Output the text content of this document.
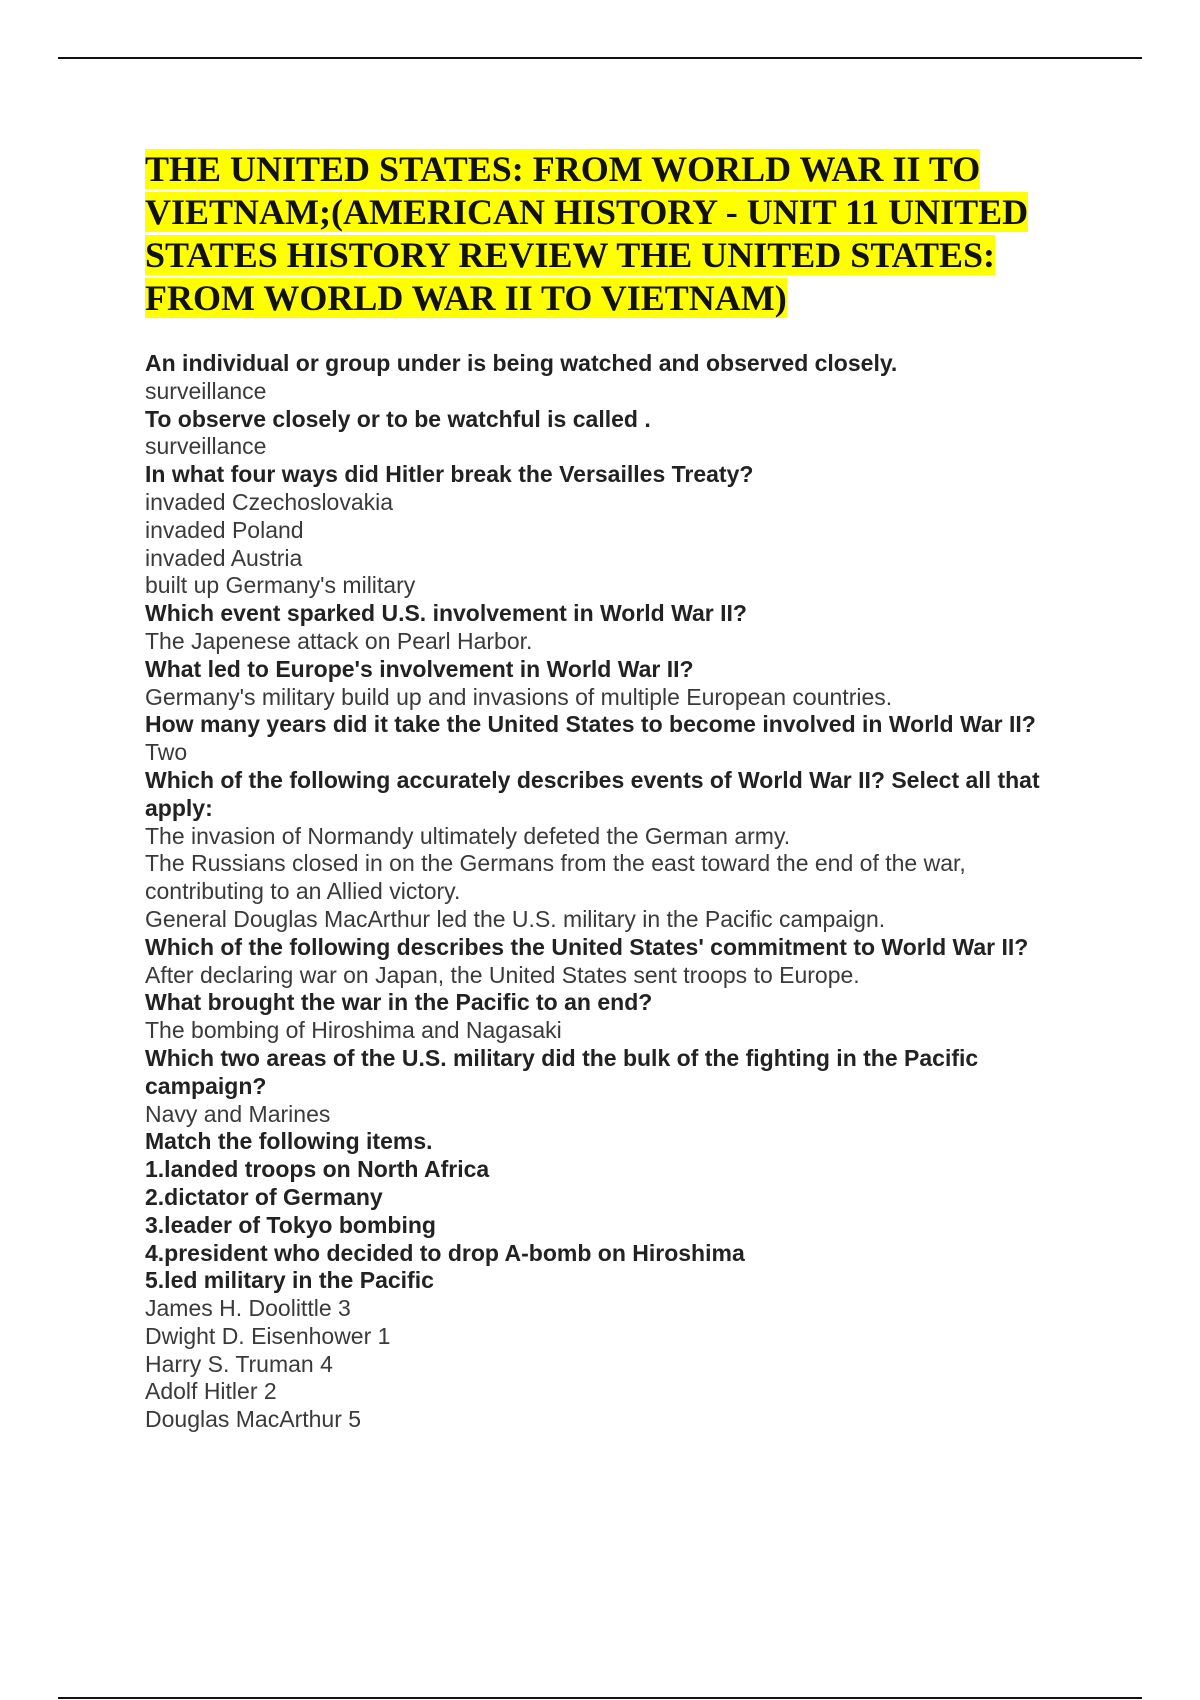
THE UNITED STATES: FROM WORLD WAR II TO VIETNAM;(AMERICAN HISTORY - UNIT 11 UNITED STATES HISTORY REVIEW THE UNITED STATES: FROM WORLD WAR II TO VIETNAM)
An individual or group under is being watched and observed closely.
surveillance
To observe closely or to be watchful is called .
surveillance
In what four ways did Hitler break the Versailles Treaty?
invaded Czechoslovakia
invaded Poland
invaded Austria
built up Germany's military
Which event sparked U.S. involvement in World War II?
The Japenese attack on Pearl Harbor.
What led to Europe's involvement in World War II?
Germany's military build up and invasions of multiple European countries.
How many years did it take the United States to become involved in World War II?
Two
Which of the following accurately describes events of World War II? Select all that
apply:
The invasion of Normandy ultimately defeted the German army.
The Russians closed in on the Germans from the east toward the end of the war,
contributing to an Allied victory.
General Douglas MacArthur led the U.S. military in the Pacific campaign.
Which of the following describes the United States' commitment to World War II?
After declaring war on Japan, the United States sent troops to Europe.
What brought the war in the Pacific to an end?
The bombing of Hiroshima and Nagasaki
Which two areas of the U.S. military did the bulk of the fighting in the Pacific
campaign?
Navy and Marines
Match the following items.
1.landed troops on North Africa
2.dictator of Germany
3.leader of Tokyo bombing
4.president who decided to drop A-bomb on Hiroshima
5.led military in the Pacific
James H. Doolittle 3
Dwight D. Eisenhower 1
Harry S. Truman 4
Adolf Hitler 2
Douglas MacArthur 5
